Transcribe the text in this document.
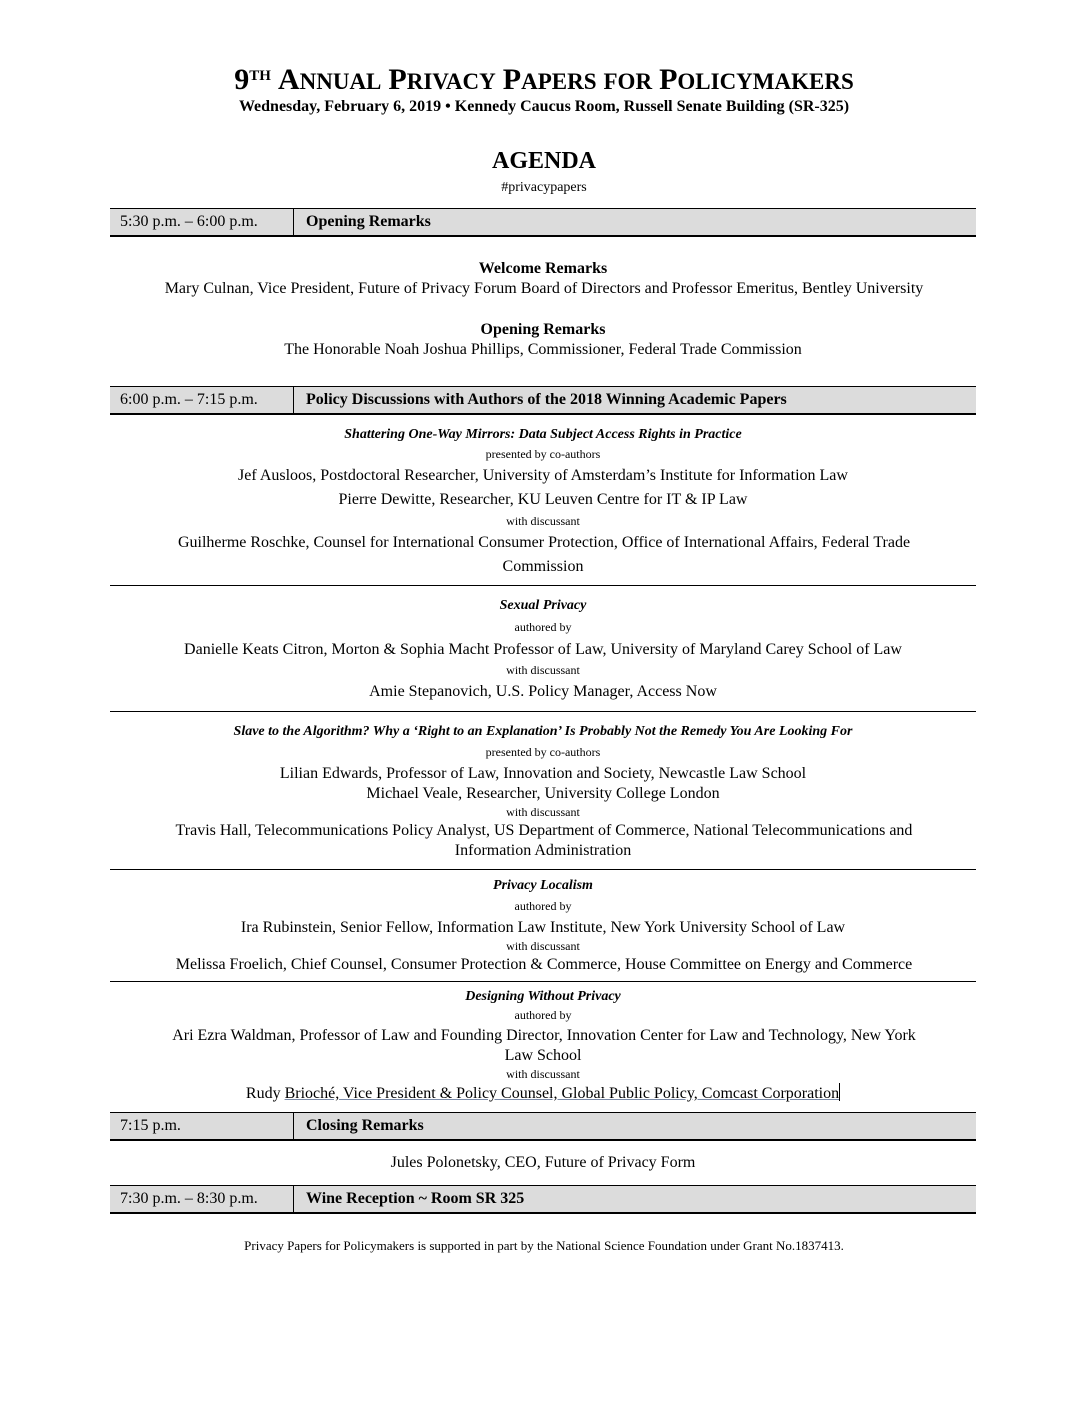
9TH ANNUAL PRIVACY PAPERS FOR POLICYMAKERS
Wednesday, February 6, 2019 • Kennedy Caucus Room, Russell Senate Building (SR-325)
AGENDA
#privacypapers
5:30 p.m. – 6:00 p.m.	Opening Remarks
Welcome Remarks
Mary Culnan, Vice President, Future of Privacy Forum Board of Directors and Professor Emeritus, Bentley University
Opening Remarks
The Honorable Noah Joshua Phillips, Commissioner, Federal Trade Commission
6:00 p.m. – 7:15 p.m.	Policy Discussions with Authors of the 2018 Winning Academic Papers
Shattering One-Way Mirrors: Data Subject Access Rights in Practice
presented by co-authors
Jef Ausloos, Postdoctoral Researcher, University of Amsterdam’s Institute for Information Law
Pierre Dewitte, Researcher, KU Leuven Centre for IT & IP Law
with discussant
Guilherme Roschke, Counsel for International Consumer Protection, Office of International Affairs, Federal Trade
Commission
Sexual Privacy
authored by
Danielle Keats Citron, Morton & Sophia Macht Professor of Law, University of Maryland Carey School of Law
with discussant
Amie Stepanovich, U.S. Policy Manager, Access Now
Slave to the Algorithm? Why a ‘Right to an Explanation’ Is Probably Not the Remedy You Are Looking For
presented by co-authors
Lilian Edwards, Professor of Law, Innovation and Society, Newcastle Law School
Michael Veale, Researcher, University College London
with discussant
Travis Hall, Telecommunications Policy Analyst, US Department of Commerce, National Telecommunications and
Information Administration
Privacy Localism
authored by
Ira Rubinstein, Senior Fellow, Information Law Institute, New York University School of Law
with discussant
Melissa Froelich, Chief Counsel, Consumer Protection & Commerce, House Committee on Energy and Commerce
Designing Without Privacy
authored by
Ari Ezra Waldman, Professor of Law and Founding Director, Innovation Center for Law and Technology, New York
Law School
with discussant
Rudy Brioché, Vice President & Policy Counsel, Global Public Policy, Comcast Corporation
7:15 p.m.	Closing Remarks
Jules Polonetsky, CEO, Future of Privacy Form
7:30 p.m. – 8:30 p.m.	Wine Reception ~ Room SR 325
Privacy Papers for Policymakers is supported in part by the National Science Foundation under Grant No.1837413.
